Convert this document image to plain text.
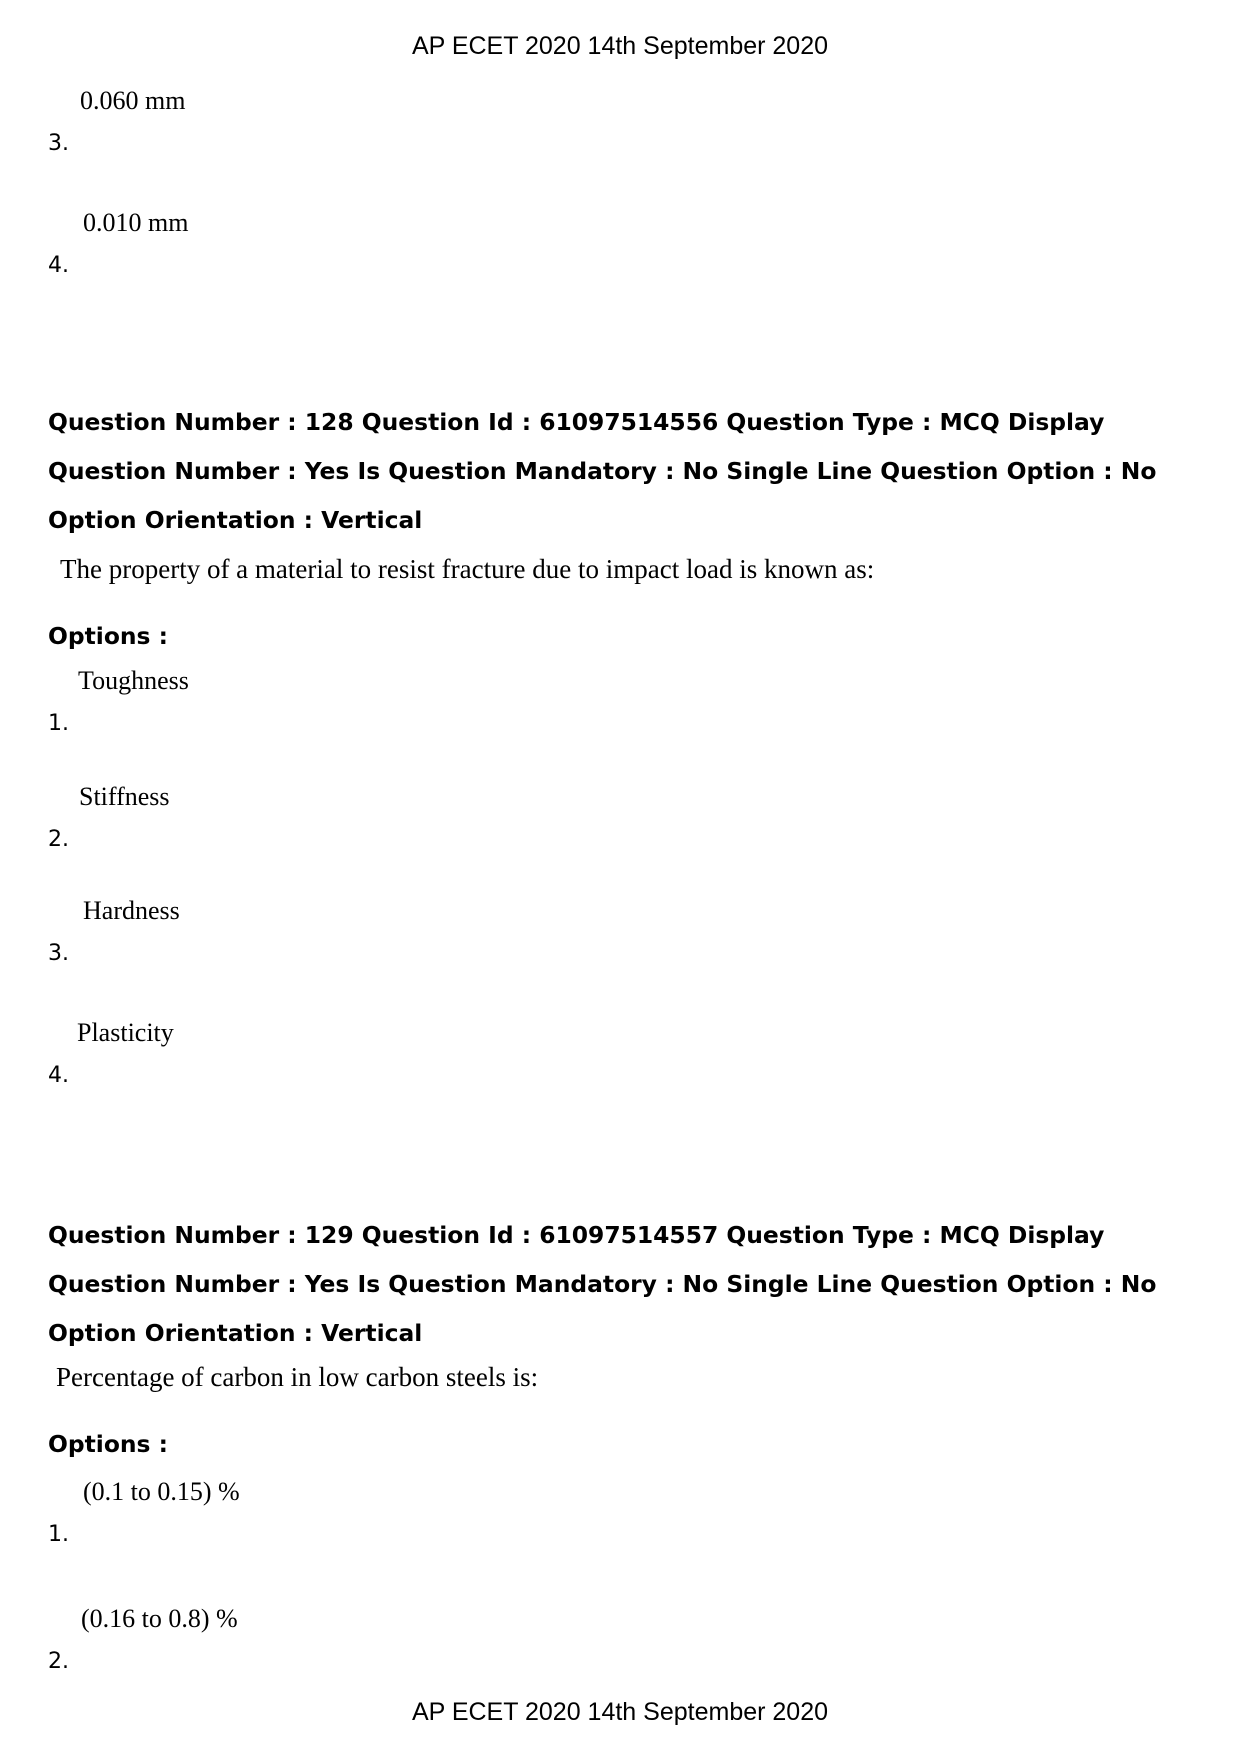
AP ECET 2020 14th September 2020
3.
0.060 mm
4.
0.010 mm

Question Number : 128 Question Id : 61097514556 Question Type : MCQ Display Question Number : Yes Is Question Mandatory : No Single Line Question Option : No Option Orientation : Vertical

The property of a material to resist fracture due to impact load is known as:
Options :
1.
Toughness
2.
Stiffness
3.
Hardness
4.
Plasticity

Question Number : 129 Question Id : 61097514557 Question Type : MCQ Display Question Number : Yes Is Question Mandatory : No Single Line Question Option : No Option Orientation : Vertical

Percentage of carbon in low carbon steels is:
Options :
1.
(0.1 to 0.15) %
2.
(0.16 to 0.8) %
AP ECET 2020 14th September 2020
